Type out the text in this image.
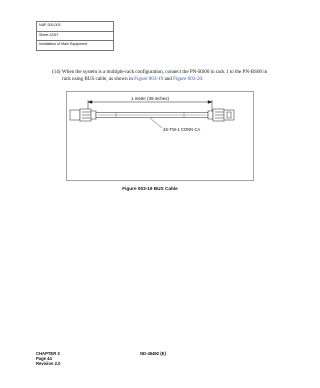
NAP 200-003
Sheet 22/57
Installation of Main Equipment
(14) When the system is a multiple-rack configuration, connect the PN-BS00 in rack 1 to the PN-BS00 in rack using BUS cable, as shown in Figure 003-19 and Figure 003-20.
1 meter (39 inches)
4S-TW-1 CONN CA
Figure 003-19 BUS Cable
CHAPTER 3
Page 44
Revision 2.0
ND-45492 (E)
